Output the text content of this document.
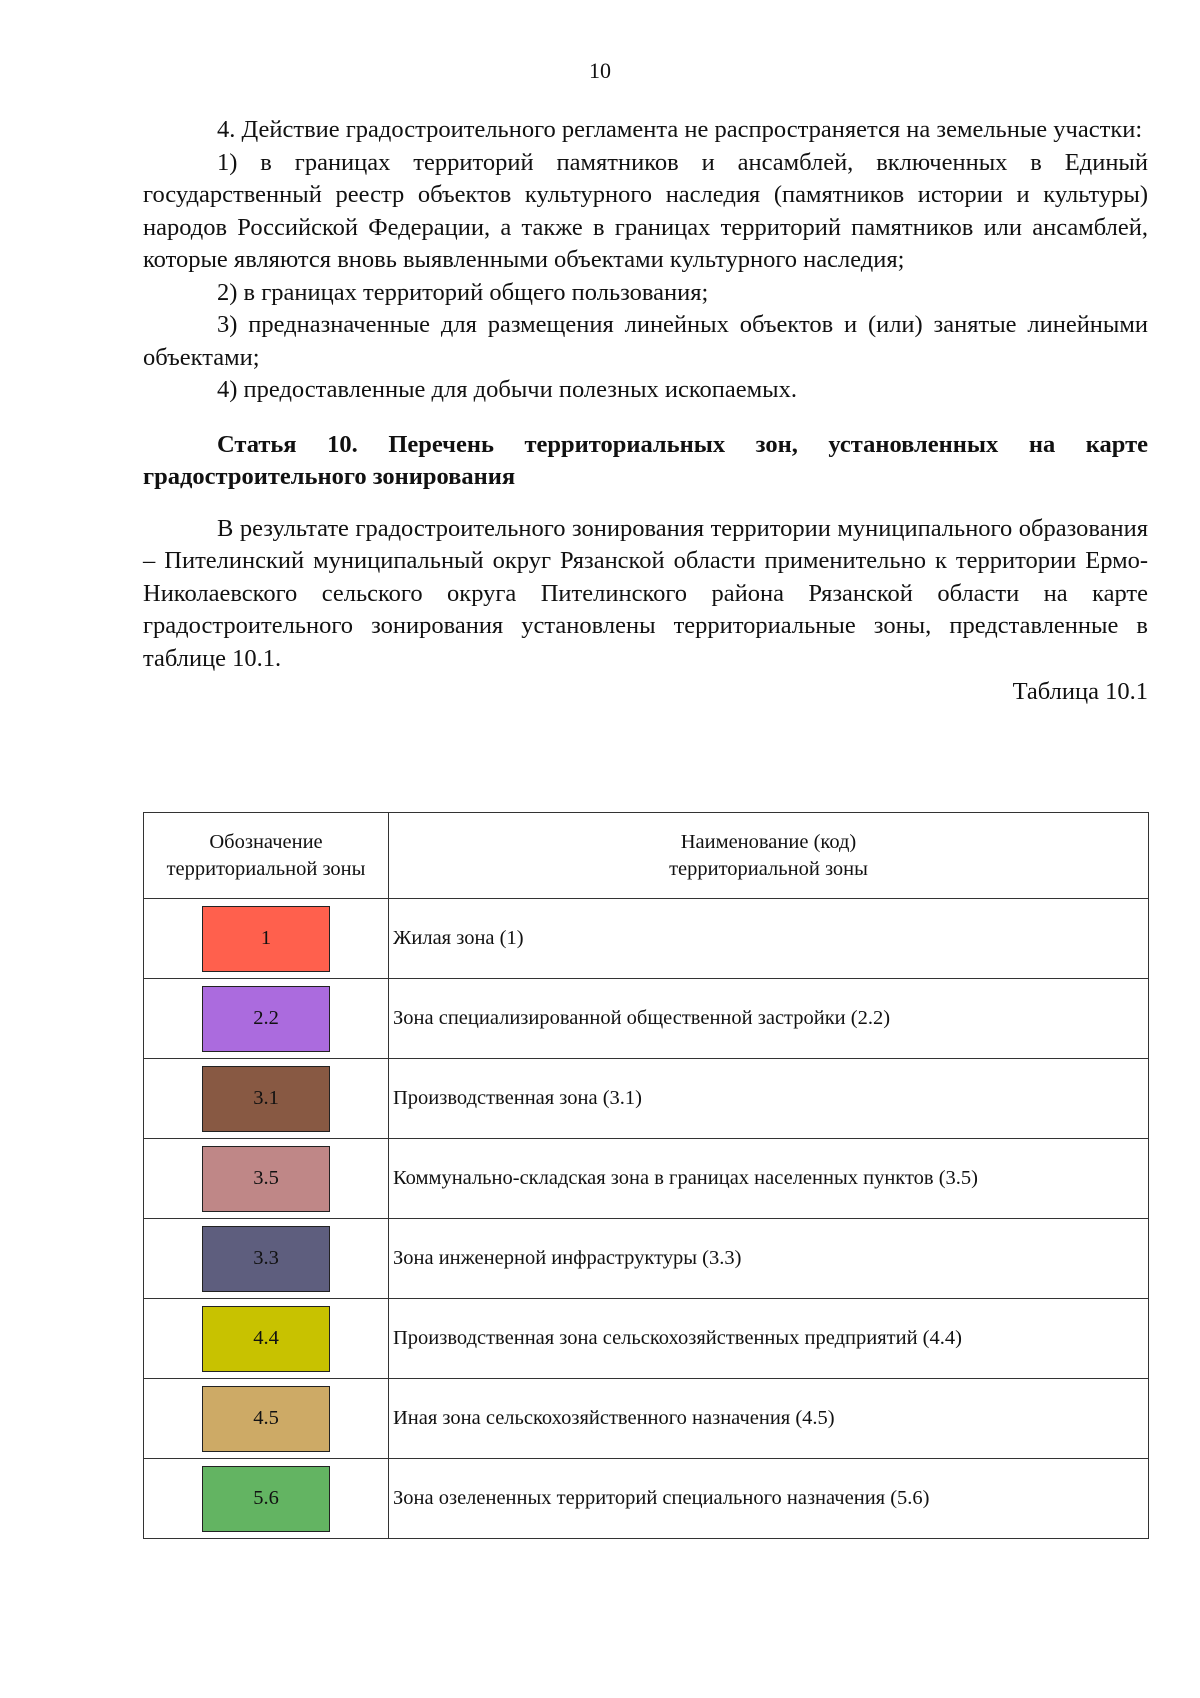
10

4. Действие градостроительного регламента не распространяется на земельные участки:

1) в границах территорий памятников и ансамблей, включенных в Единый государственный реестр объектов культурного наследия (памятников истории и культуры) народов Российской Федерации, а также в границах территорий памятников или ансамблей, которые являются вновь выявленными объектами культурного наследия;

2) в границах территорий общего пользования;

3) предназначенные для размещения линейных объектов и (или) занятые линейными объектами;

4) предоставленные для добычи полезных ископаемых.

Статья 10. Перечень территориальных зон, установленных на карте градостроительного зонирования

В результате градостроительного зонирования территории муниципального образования – Пителинский муниципальный округ Рязанской области применительно к территории Ермо-Николаевского сельского округа Пителинского района Рязанской области на карте градостроительного зонирования установлены территориальные зоны, представленные в таблице 10.1.

Таблица 10.1

Обозначение территориальной зоны	Наименование (код)
территориальной зоны
1	Жилая зона (1)
2.2	Зона специализированной общественной застройки (2.2)
3.1	Производственная зона (3.1)
3.5	Коммунально-складская зона в границах населенных пунктов (3.5)
3.3	Зона инженерной инфраструктуры (3.3)
4.4	Производственная зона сельскохозяйственных предприятий (4.4)
4.5	Иная зона сельскохозяйственного назначения (4.5)
5.6	Зона озелененных территорий специального назначения (5.6)
